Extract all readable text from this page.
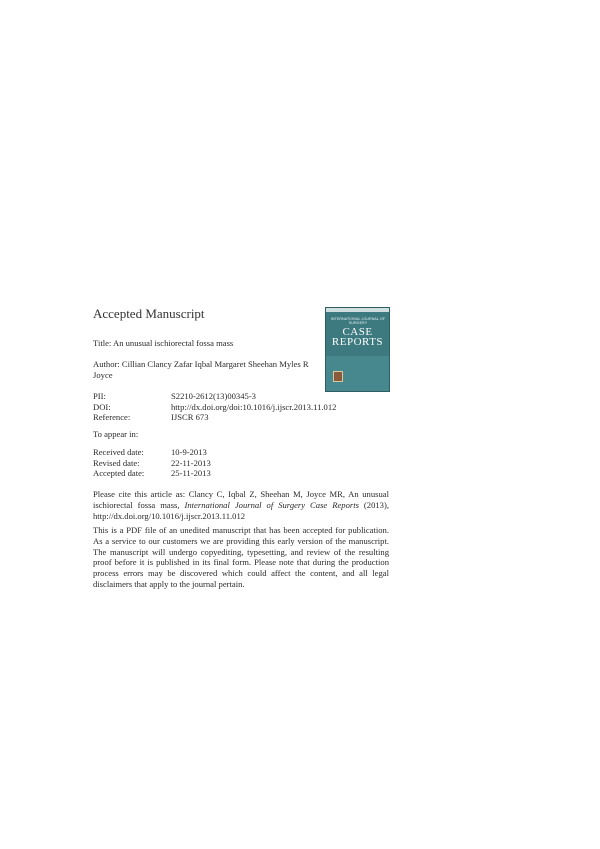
Accepted Manuscript	INTERNATIONAL JOURNAL OF SURGERY
CASE
REPORTS
Title: An unusual ischiorectal fossa mass
Author: Cillian Clancy Zafar Iqbal Margaret Sheehan Myles R Joyce
PII:	S2210-2612(13)00345-3
DOI:	http://dx.doi.org/doi:10.1016/j.ijscr.2013.11.012
Reference:	IJSCR 673
To appear in:
Received date:	10-9-2013
Revised date:	22-11-2013
Accepted date:	25-11-2013
Please cite this article as: Clancy C, Iqbal Z, Sheehan M, Joyce MR, An unusual ischiorectal fossa mass, International Journal of Surgery Case Reports (2013), http://dx.doi.org/10.1016/j.ijscr.2013.11.012
This is a PDF file of an unedited manuscript that has been accepted for publication. As a service to our customers we are providing this early version of the manuscript. The manuscript will undergo copyediting, typesetting, and review of the resulting proof before it is published in its final form. Please note that during the production process errors may be discovered which could affect the content, and all legal disclaimers that apply to the journal pertain.
